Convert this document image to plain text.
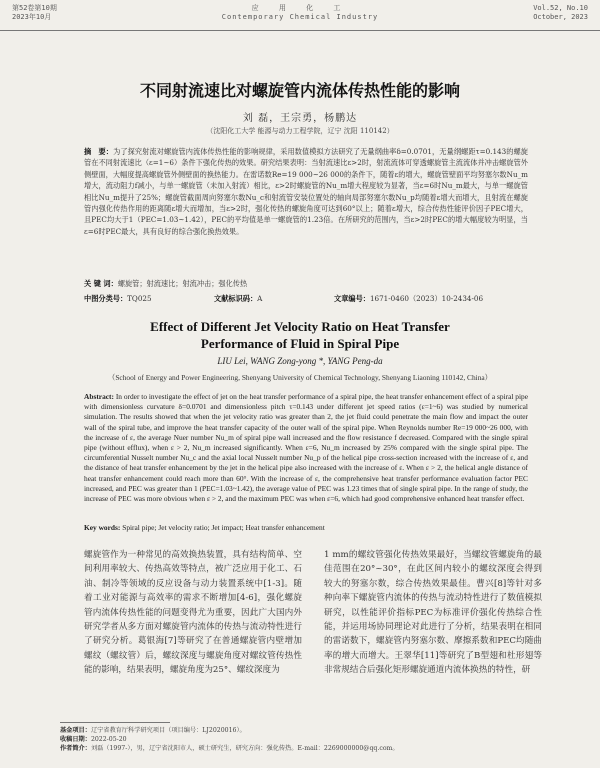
第52卷第10期
2023年10月
应 用 化 工
Contemporary Chemical Industry
Vol.52, No.10
October, 2023
不同射流速比对螺旋管内流体传热性能的影响
刘 磊，王宗勇，杨鹏达
（沈阳化工大学 能源与动力工程学院，辽宁 沈阳 110142）
摘　要：为了探究射流对螺旋管内流体传热性能的影响规律，采用数值模拟方法研究了无量纲曲率δ=0.0701，无量纲螺距τ=0.143的螺旋管在不同射流速比（ε=1~6）条件下强化传热的效果。研究结果表明：当射流速比ε>2时，射流流体可穿透螺旋管主流流体并冲击螺旋管外侧壁面，大幅度提高螺旋管外侧壁面的换热能力。在雷诺数Re=19 000~26 000的条件下，随着ε的增大，螺旋管壁面平均努塞尔数Nu_m增大，流动阻力f减小，与单一螺旋管（未加入射流）相比，ε>2时螺旋管的Nu_m增大程度较为显著，当ε=6时Nu_m最大，与单一螺旋管相比Nu_m提升了25%；螺旋管截面周向努塞尔数Nu_c和射流管安装位置处的轴向局部努塞尔数Nu_p均随着ε增大而增大，且射流在螺旋管内强化传热作用的距离随ε增大而增加，当ε>2时，强化传热的螺旋角度可达到60°以上；随着ε增大，综合传热性能评价因子PEC增大，且PEC均大于1（PEC=1.03~1.42），PEC的平均值是单一螺旋管的1.23倍。在所研究的范围内，当ε>2时PEC的增大幅度较为明显，当ε=6时PEC最大，具有良好的综合强化换热效果。
关 键 词：螺旋管；射流速比；射流冲击；强化传热
中图分类号：TQ025	文献标识码：A	文章编号：1671-0460（2023）10-2434-06
Effect of Different Jet Velocity Ratio on Heat Transfer
Performance of Fluid in Spiral Pipe
LIU Lei, WANG Zong-yong *, YANG Peng-da
（School of Energy and Power Engineering, Shenyang University of Chemical Technology, Shenyang Liaoning 110142, China）
Abstract: In order to investigate the effect of jet on the heat transfer performance of a spiral pipe, the heat transfer enhancement effect of a spiral pipe with dimensionless curvature δ=0.0701 and dimensionless pitch τ=0.143 under different jet speed ratios (ε=1~6) was studied by numerical simulation. The results showed that when the jet velocity ratio was greater than 2, the jet fluid could penetrate the main flow and impact the outer wall of the spiral tube, and improve the heat transfer capacity of the outer wall of the spiral pipe. When Reynolds number Re=19 000~26 000, with the increase of ε, the average Nuer number Nu_m of spiral pipe wall increased and the flow resistance f decreased. Compared with the single spiral pipe (without efflux), when ε > 2, Nu_m increased significantly. When ε=6, Nu_m increased by 25% compared with the single spiral pipe. The circumferential Nusselt number Nu_c and the axial local Nusselt number Nu_p of the helical pipe cross-section increased with the increase of ε, and the distance of heat transfer enhancement by the jet in the helical pipe also increased with the increase of ε. When ε > 2, the helical angle distance of heat transfer enhancement could reach more than 60°. With the increase of ε, the comprehensive heat transfer performance evaluation factor PEC increased, and PEC was greater than 1 (PEC=1.03~1.42), the average value of PEC was 1.23 times that of single spiral pipe. In the range of study, the increase of PEC was more obvious when ε > 2, and the maximum PEC was when ε=6, which had good comprehensive enhanced heat transfer effect.
Key words: Spiral pipe; Jet velocity ratio; Jet impact; Heat transfer enhancement
螺旋管作为一种常见的高效换热装置，具有结构简单、空间利用率较大、传热高效等特点，被广泛应用于化工、石油、制冷等领域的反应设备与动力装置系统中[1-3]。随着工业对能源与高效率的需求不断增加[4-6]，强化螺旋管内流体传热性能的问题变得尤为重要，因此广大国内外研究学者从多方面对螺旋管内流体的传热与流动特性进行了研究分析。葛银海[7]等研究了在普通螺旋管内壁增加螺纹（螺纹管）后，螺纹深度与螺旋角度对螺纹管传热性能的影响，结果表明，螺旋角度为25°、螺纹深度为
1 mm的螺纹管强化传热效果最好，当螺纹管螺旋角的最佳范围在20°~30°，在此区间内较小的螺纹深度会得到较大的努塞尔数，综合传热效果最佳。曹兴[8]等针对多种向率下螺旋管内流体的传热与流动特性进行了数值模拟研究，以性能评价指标PEC为标准评价强化传热综合性能，并运用场协同理论对此进行了分析，结果表明在相同的雷诺数下，螺旋管内努塞尔数、摩擦系数和PEC均随曲率的增大而增大。王翠华[11]等研究了B型翅和杜形翅等非常规结合后强化矩形螺旋通道内流体换热的特性，研
基金项目：辽宁省教育厅科学研究项目（项目编号：LJ2020016）。
收稿日期：2022-05-20
作者简介：刘磊（1997-），男，辽宁省沈阳市人，硕士研究生，研究方向：强化传热。E-mail：2269000000@qq.com。
